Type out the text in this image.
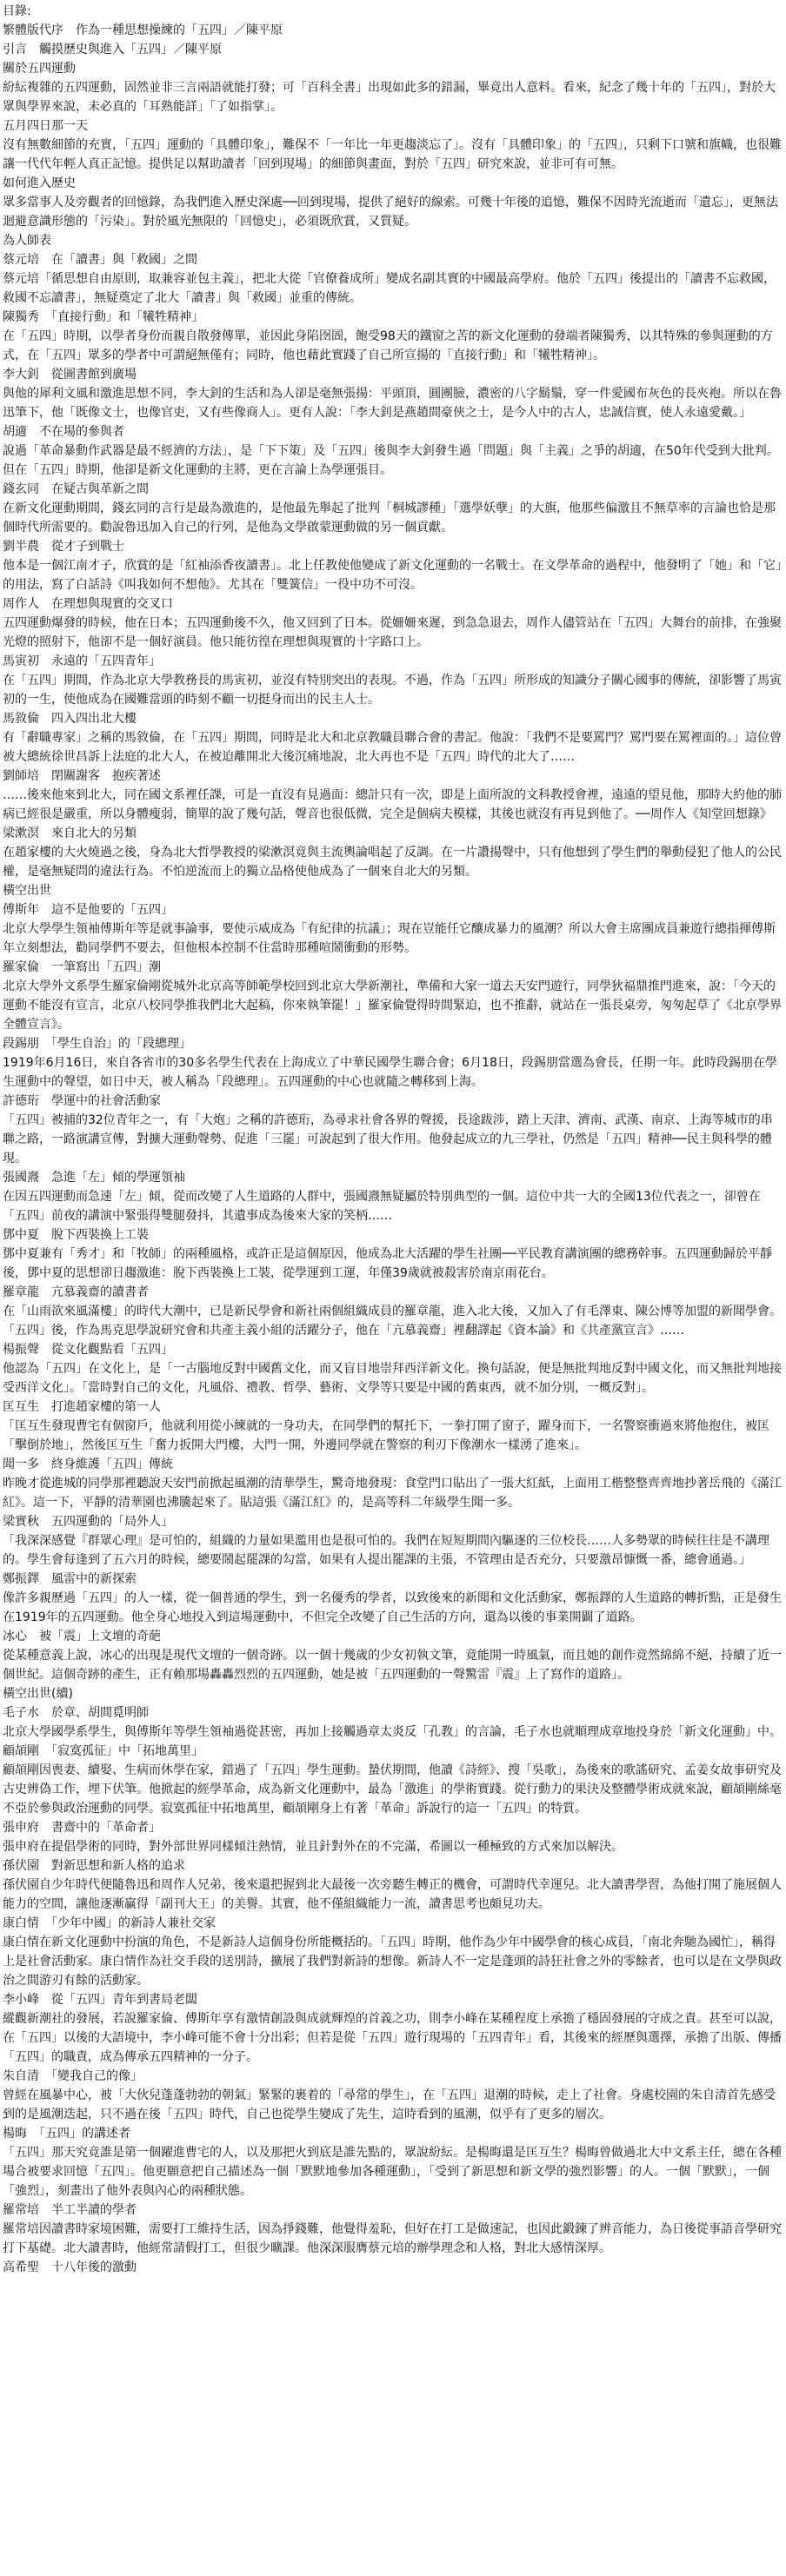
目錄:
繁體版代序　作為一種思想操練的「五四」／陳平原
引言　觸摸歷史與進入「五四」／陳平原
關於五四運動

紛紜複雜的五四運動，固然並非三言兩語就能打發；可「百科全書」出現如此多的錯漏，畢竟出人意料。看來，紀念了幾十年的「五四」，對於大眾與學界來說，未必真的「耳熟能詳」「了如指掌」。

五月四日那一天

沒有無數細節的充實，「五四」運動的「具體印象」，難保不「一年比一年更趨淡忘了」。沒有「具體印象」的「五四」，只剩下口號和旗幟，也很難讓一代代年輕人真正記憶。提供足以幫助讀者「回到現場」的細節與畫面，對於「五四」研究來說，並非可有可無。

如何進入歷史

眾多當事人及旁觀者的回憶錄，為我們進入歷史深處──回到現場，提供了絕好的線索。可幾十年後的追憶，難保不因時光流逝而「遺忘」，更無法迴避意識形態的「污染」。對於風光無限的「回憶史」，必須既欣賞，又質疑。

為人師表
蔡元培　在「讀書」與「救國」之間

蔡元培「循思想自由原則，取兼容並包主義」，把北大從「官僚養成所」變成名副其實的中國最高學府。他於「五四」後提出的「讀書不忘救國，救國不忘讀書」，無疑奠定了北大「讀書」與「救國」並重的傳統。

陳獨秀　「直接行動」和「犧牲精神」

在「五四」時期，以學者身份而親自散發傳單，並因此身陷囹圄，飽受98天的鐵窗之苦的新文化運動的發端者陳獨秀，以其特殊的參與運動的方式，在「五四」眾多的學者中可謂絕無僅有；同時，他也藉此實踐了自己所宣揚的「直接行動」和「犧牲精神」。

李大釗　從圖書館到廣場

與他的犀利文風和激進思想不同，李大釗的生活和為人卻是毫無張揚：平頭頂，圓團臉，濃密的八字鬍鬚，穿一件愛國布灰色的長夾袍。所以在魯迅筆下，他「既像文士，也像官吏，又有些像商人」。更有人說：「李大釗是燕趙間豪俠之士，是今人中的古人，忠誠信實，使人永遠愛戴。」

胡適　不在場的參與者

說過「革命暴動作武器是最不經濟的方法」，是「下下策」及「五四」後與李大釗發生過「問題」與「主義」之爭的胡適，在50年代受到大批判。但在「五四」時期，他卻是新文化運動的主將，更在言論上為學運張目。

錢玄同　在疑古與革新之間

在新文化運動期間，錢玄同的言行是最為激進的，是他最先舉起了批判「桐城謬種」「選學妖孽」的大旗，他那些偏激且不無草率的言論也恰是那個時代所需要的。勸說魯迅加入自己的行列，是他為文學啟蒙運動做的另一個貢獻。

劉半農　從才子到戰士

他本是一個江南才子，欣賞的是「紅袖添香夜讀書」。北上任教使他變成了新文化運動的一名戰士。在文學革命的過程中，他發明了「她」和「它」的用法，寫了白話詩《叫我如何不想他》。尤其在「雙簧信」一役中功不可沒。

周作人　在理想與現實的交叉口

五四運動爆發的時候，他在日本；五四運動後不久，他又回到了日本。從姍姍來遲，到急急退去，周作人儘管站在「五四」大舞台的前排，在強聚光燈的照射下，他卻不是一個好演員。他只能彷徨在理想與現實的十字路口上。

馬寅初　永遠的「五四青年」

在「五四」期間，作為北京大學教務長的馬寅初，並沒有特別突出的表現。不過，作為「五四」所形成的知識分子關心國事的傳統，卻影響了馬寅初的一生，使他成為在國難當頭的時刻不顧一切挺身而出的民主人士。

馬敘倫　四入四出北大樓

有「辭職專家」之稱的馬敘倫，在「五四」期間，同時是北大和北京教職員聯合會的書記。他說：「我們不是要罵門？罵門要在罵裡面的。」這位曾被大總統徐世昌訴上法庭的北大人，在被迫離開北大後沉痛地說，北大再也不是「五四」時代的北大了……

劉師培　閉關謝客　抱疾著述

……後來他來到北大，同在國文系裡任課，可是一直沒有見過面：總計只有一次，即是上面所說的文科教授會裡，遠遠的望見他，那時大約他的肺病已經很是嚴重，所以身體瘦弱，簡單的說了幾句話，聲音也很低微，完全是個病夫模樣，其後也就沒有再見到他了。──周作人《知堂回想錄》

梁漱溟　來自北大的另類

在趙家樓的大火燒過之後，身為北大哲學教授的梁漱溟竟與主流輿論唱起了反調。在一片讚揚聲中，只有他想到了學生們的舉動侵犯了他人的公民權，是毫無疑問的違法行為。不怕逆流而上的獨立品格使他成為了一個來自北大的另類。

橫空出世
傅斯年　這不是他要的「五四」

北京大學學生領袖傅斯年等是就事論事，要使示威成為「有紀律的抗議」；現在豈能任它釀成暴力的風潮？所以大會主席團成員兼遊行總指揮傅斯年立刻想法，勸同學們不要去，但他根本控制不住當時那種喧鬧衝動的形勢。

羅家倫　一筆寫出「五四」潮

北京大學外文系學生羅家倫剛從城外北京高等師範學校回到北京大學新潮社，準備和大家一道去天安門遊行，同學狄福鼎推門進來，說：「今天的運動不能沒有宣言，北京八校同學推我們北大起稿，你來執筆罷！」羅家倫覺得時間緊迫，也不推辭，就站在一張長桌旁，匆匆起草了《北京學界全體宣言》。

段錫朋　「學生自治」的「段總理」

1919年6月16日，來自各省市的30多名學生代表在上海成立了中華民國學生聯合會；6月18日，段錫朋當選為會長，任期一年。此時段錫朋在學生運動中的聲望，如日中天，被人稱為「段總理」。五四運動的中心也就隨之轉移到上海。

許德珩　學運中的社會活動家

「五四」被捕的32位青年之一，有「大炮」之稱的許德珩，為尋求社會各界的聲援，長途跋涉，踏上天津、濟南、武漢、南京、上海等城市的串聯之路，一路演講宣傳，對擴大運動聲勢、促進「三罷」可說起到了很大作用。他發起成立的九三學社，仍然是「五四」精神──民主與科學的體現。

張國燾　急進「左」傾的學運領袖

在因五四運動而急速「左」傾，從而改變了人生道路的人群中，張國燾無疑屬於特別典型的一個。這位中共一大的全國13位代表之一，卻曾在「五四」前夜的講演中緊張得雙腿發抖，其遺事成為後來大家的笑柄……

鄧中夏　脫下西裝換上工裝

鄧中夏兼有「秀才」和「牧師」的兩種風格，或許正是這個原因，他成為北大活躍的學生社團──平民教育講演團的總務幹事。五四運動歸於平靜後，鄧中夏的思想卻日趨激進：脫下西裝換上工裝，從學運到工運，年僅39歲就被殺害於南京雨花台。

羅章龍　亢慕義齋的讀書者

在「山雨欲來風滿樓」的時代大潮中，已是新民學會和新社兩個組織成員的羅章龍，進入北大後，又加入了有毛澤東、陳公博等加盟的新聞學會。「五四」後，作為馬克思學說研究會和共產主義小組的活躍分子，他在「亢慕義齋」裡翻譯起《資本論》和《共產黨宣言》……

楊振聲　從文化觀點看「五四」

他認為「五四」在文化上，是「一古腦地反對中國舊文化，而又盲目地崇拜西洋新文化。換句話說，便是無批判地反對中國文化，而又無批判地接受西洋文化」。「當時對自己的文化，凡風俗、禮教、哲學、藝術、文學等只要是中國的舊東西，就不加分別，一概反對」。

匡互生　打進趙家樓的第一人

「匡互生發現曹宅有個窗戶，他就利用從小練就的一身功夫，在同學們的幫托下，一拳打開了窗子，躍身而下，一名警察衝過來將他抱住，被匡「擊倒於地」，然後匡互生「奮力扳開大門樓，大門一開，外邊同學就在警察的利刃下像潮水一樣湧了進來」。

聞一多　終身維護「五四」傳統

昨晚才從進城的同學那裡聽說天安門前掀起風潮的清華學生，驚奇地發現：食堂門口貼出了一張大紅紙，上面用工楷整整齊齊地抄著岳飛的《滿江紅》。這一下，平靜的清華園也沸騰起來了。貼這張《滿江紅》的，是高等科二年級學生聞一多。

梁實秋　五四運動的「局外人」

「我深深感覺『群眾心理』是可怕的，組織的力量如果濫用也是很可怕的。我們在短短期間內驅逐的三位校長……人多勢眾的時候往往是不講理的。學生會每逢到了五六月的時候，總要鬧起罷課的勾當，如果有人提出罷課的主張，不管理由是否充分，只要激昂慷慨一番，總會通過。」

鄭振鐸　風雷中的新探索

像許多親歷過「五四」的人一樣，從一個普通的學生，到一名優秀的學者，以致後來的新聞和文化活動家，鄭振鐸的人生道路的轉折點，正是發生在1919年的五四運動。他全身心地投入到這場運動中，不但完全改變了自己生活的方向，還為以後的事業開闢了道路。

冰心　被「震」上文壇的奇葩

從某種意義上說，冰心的出現是現代文壇的一個奇跡。以一個十幾歲的少女初執文筆，竟能開一時風氣，而且她的創作竟然綿綿不絕，持續了近一個世紀。這個奇跡的產生，正有賴那場轟轟烈烈的五四運動，她是被「五四運動的一聲驚雷『震』上了寫作的道路」。

橫空出世(續)
毛子水　於章、胡間覓明師

北京大學國學系學生，與傅斯年等學生領袖過從甚密，再加上接觸過章太炎反「孔教」的言論，毛子水也就順理成章地投身於「新文化運動」中。

顧頡剛　「寂寞孤征」中「拓地萬里」

顧頡剛因喪妻、續娶、生病而休學在家，錯過了「五四」學生運動。蟄伏期間，他讀《詩經》、搜「吳歌」，為後來的歌謠研究、孟姜女故事研究及古史辨偽工作，埋下伏筆。他掀起的經學革命，成為新文化運動中，最為「激進」的學術實踐。從行動力的果決及整體學術成就來說，顧頡剛絲毫不亞於參與政治運動的同學。寂寞孤征中拓地萬里，顧頡剛身上有著「革命」訴說行的這一「五四」的特質。

張申府　書齋中的「革命者」

張申府在提倡學術的同時，對外部世界同樣傾注熱情，並且針對外在的不完滿，希圖以一種極致的方式來加以解決。

孫伏園　對新思想和新人格的追求

孫伏園自少年時代便隨魯迅和周作人兄弟，後來還把握到北大最後一次旁聽生轉正的機會，可謂時代幸運兒。北大讀書學習，為他打開了施展個人能力的空間，讓他逐漸贏得「副刊大王」的美譽。其實，他不僅組織能力一流，讀書思考也頗見功夫。

康白情　「少年中國」的新詩人兼社交家

康白情在新文化運動中扮演的角色，不是新詩人這個身份所能概括的。「五四」時期，他作為少年中國學會的核心成員，「南北奔馳為國忙」，稱得上是社會活動家。康白情作為社交手段的送別詩，擴展了我們對新詩的想像。新詩人不一定是蓬頭的詩狂社會之外的零餘者，也可以是在文學與政治之間游刃有餘的活動家。

李小峰　從「五四」青年到書局老闆

縱觀新潮社的發展，若說羅家倫、傅斯年享有激情創設與成就輝煌的首義之功，則李小峰在某種程度上承擔了穩固發展的守成之責。甚至可以說，在「五四」以後的大語境中，李小峰可能不會十分出彩；但若是從「五四」遊行現場的「五四青年」看，其後來的經歷與選擇，承擔了出版、傳播「五四」的職責，成為傳承五四精神的一分子。

朱自清　「變我自己的像」

曾經在風暴中心，被「大伙兒蓬蓬勃勃的朝氣」緊緊的裹着的「尋常的學生」，在「五四」退潮的時候，走上了社會。身處校園的朱自清首先感受到的是風潮迭起，只不過在後「五四」時代，自己也從學生變成了先生，這時看到的風潮，似乎有了更多的層次。

楊晦　「五四」的講述者

「五四」那天究竟誰是第一個躍進曹宅的人，以及那把火到底是誰先點的，眾說紛紜。是楊晦還是匡互生？楊晦曾做過北大中文系主任，總在各種場合被要求回憶「五四」。他更願意把自己描述為一個「默默地參加各種運動」，「受到了新思想和新文學的強烈影響」的人。一個「默默」，一個「強烈」，刻畫出了他外表與內心的兩種狀態。

羅常培　半工半讀的學者

羅常培因讀書時家境困難，需要打工維持生活，因為掙錢難，他覺得羞恥，但好在打工是做速記，也因此鍛鍊了辨音能力，為日後從事語音學研究打下基礎。北大讀書時，他經常請假打工，但很少曠課。他深深服膺蔡元培的辦學理念和人格，對北大感情深厚。

高希聖　十八年後的激動
